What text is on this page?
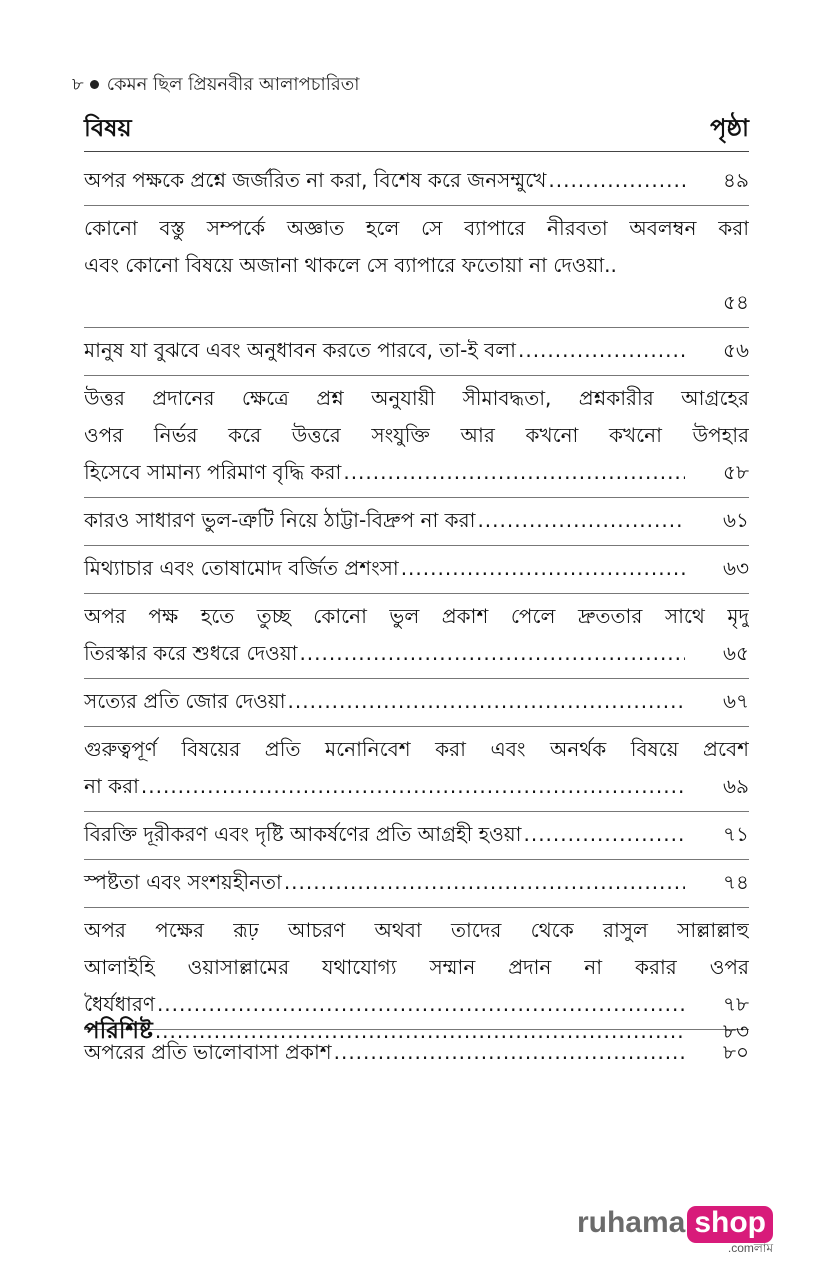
৮ কেমন ছিল প্রিয়নবীর আলাপচারিতা
বিষয়	পৃষ্ঠা
অপর পক্ষকে প্রশ্নে জর্জরিত না করা, বিশেষ করে জনসম্মুখে .....	৪৯
কোনো বস্তু সম্পর্কে অজ্ঞাত হলে সে ব্যাপারে নীরবতা অবলম্বন করা
এবং কোনো বিষয়ে অজানা থাকলে সে ব্যাপারে ফতোয়া না দেওয়া..
৫৪
মানুষ যা বুঝবে এবং অনুধাবন করতে পারবে, তা-ই বলা .....	৫৬
উত্তর প্রদানের ক্ষেত্রে প্রশ্ন অনুযায়ী সীমাবদ্ধতা, প্রশ্নকারীর আগ্রহের
ওপর নির্ভর করে উত্তরে সংযুক্তি আর কখনো কখনো উপহার
হিসেবে সামান্য পরিমাণ বৃদ্ধি করা .....	৫৮
কারও সাধারণ ভুল-ত্রুটি নিয়ে ঠাট্টা-বিদ্রুপ না করা .....	৬১
মিথ্যাচার এবং তোষামোদ বর্জিত প্রশংসা .....	৬৩
অপর পক্ষ হতে তুচ্ছ কোনো ভুল প্রকাশ পেলে দ্রুততার সাথে মৃদু
তিরস্কার করে শুধরে দেওয়া .....	৬৫
সত্যের প্রতি জোর দেওয়া .....	৬৭
গুরুত্বপূর্ণ বিষয়ের প্রতি মনোনিবেশ করা এবং অনর্থক বিষয়ে প্রবেশ
না করা .....	৬৯
বিরক্তি দূরীকরণ এবং দৃষ্টি আকর্ষণের প্রতি আগ্রহী হওয়া .....	৭১
স্পষ্টতা এবং সংশয়হীনতা .....	৭৪
অপর পক্ষের রূঢ় আচরণ অথবা তাদের থেকে রাসুল সাল্লাল্লাহু
আলাইহি ওয়াসাল্লামের যথাযোগ্য সম্মান প্রদান না করার ওপর
ধৈর্যধারণ .....	৭৮
অপরের প্রতি ভালোবাসা প্রকাশ .....	৮০
পরিশিষ্ট .....	৮৩
ruhama shop
.comলাম
